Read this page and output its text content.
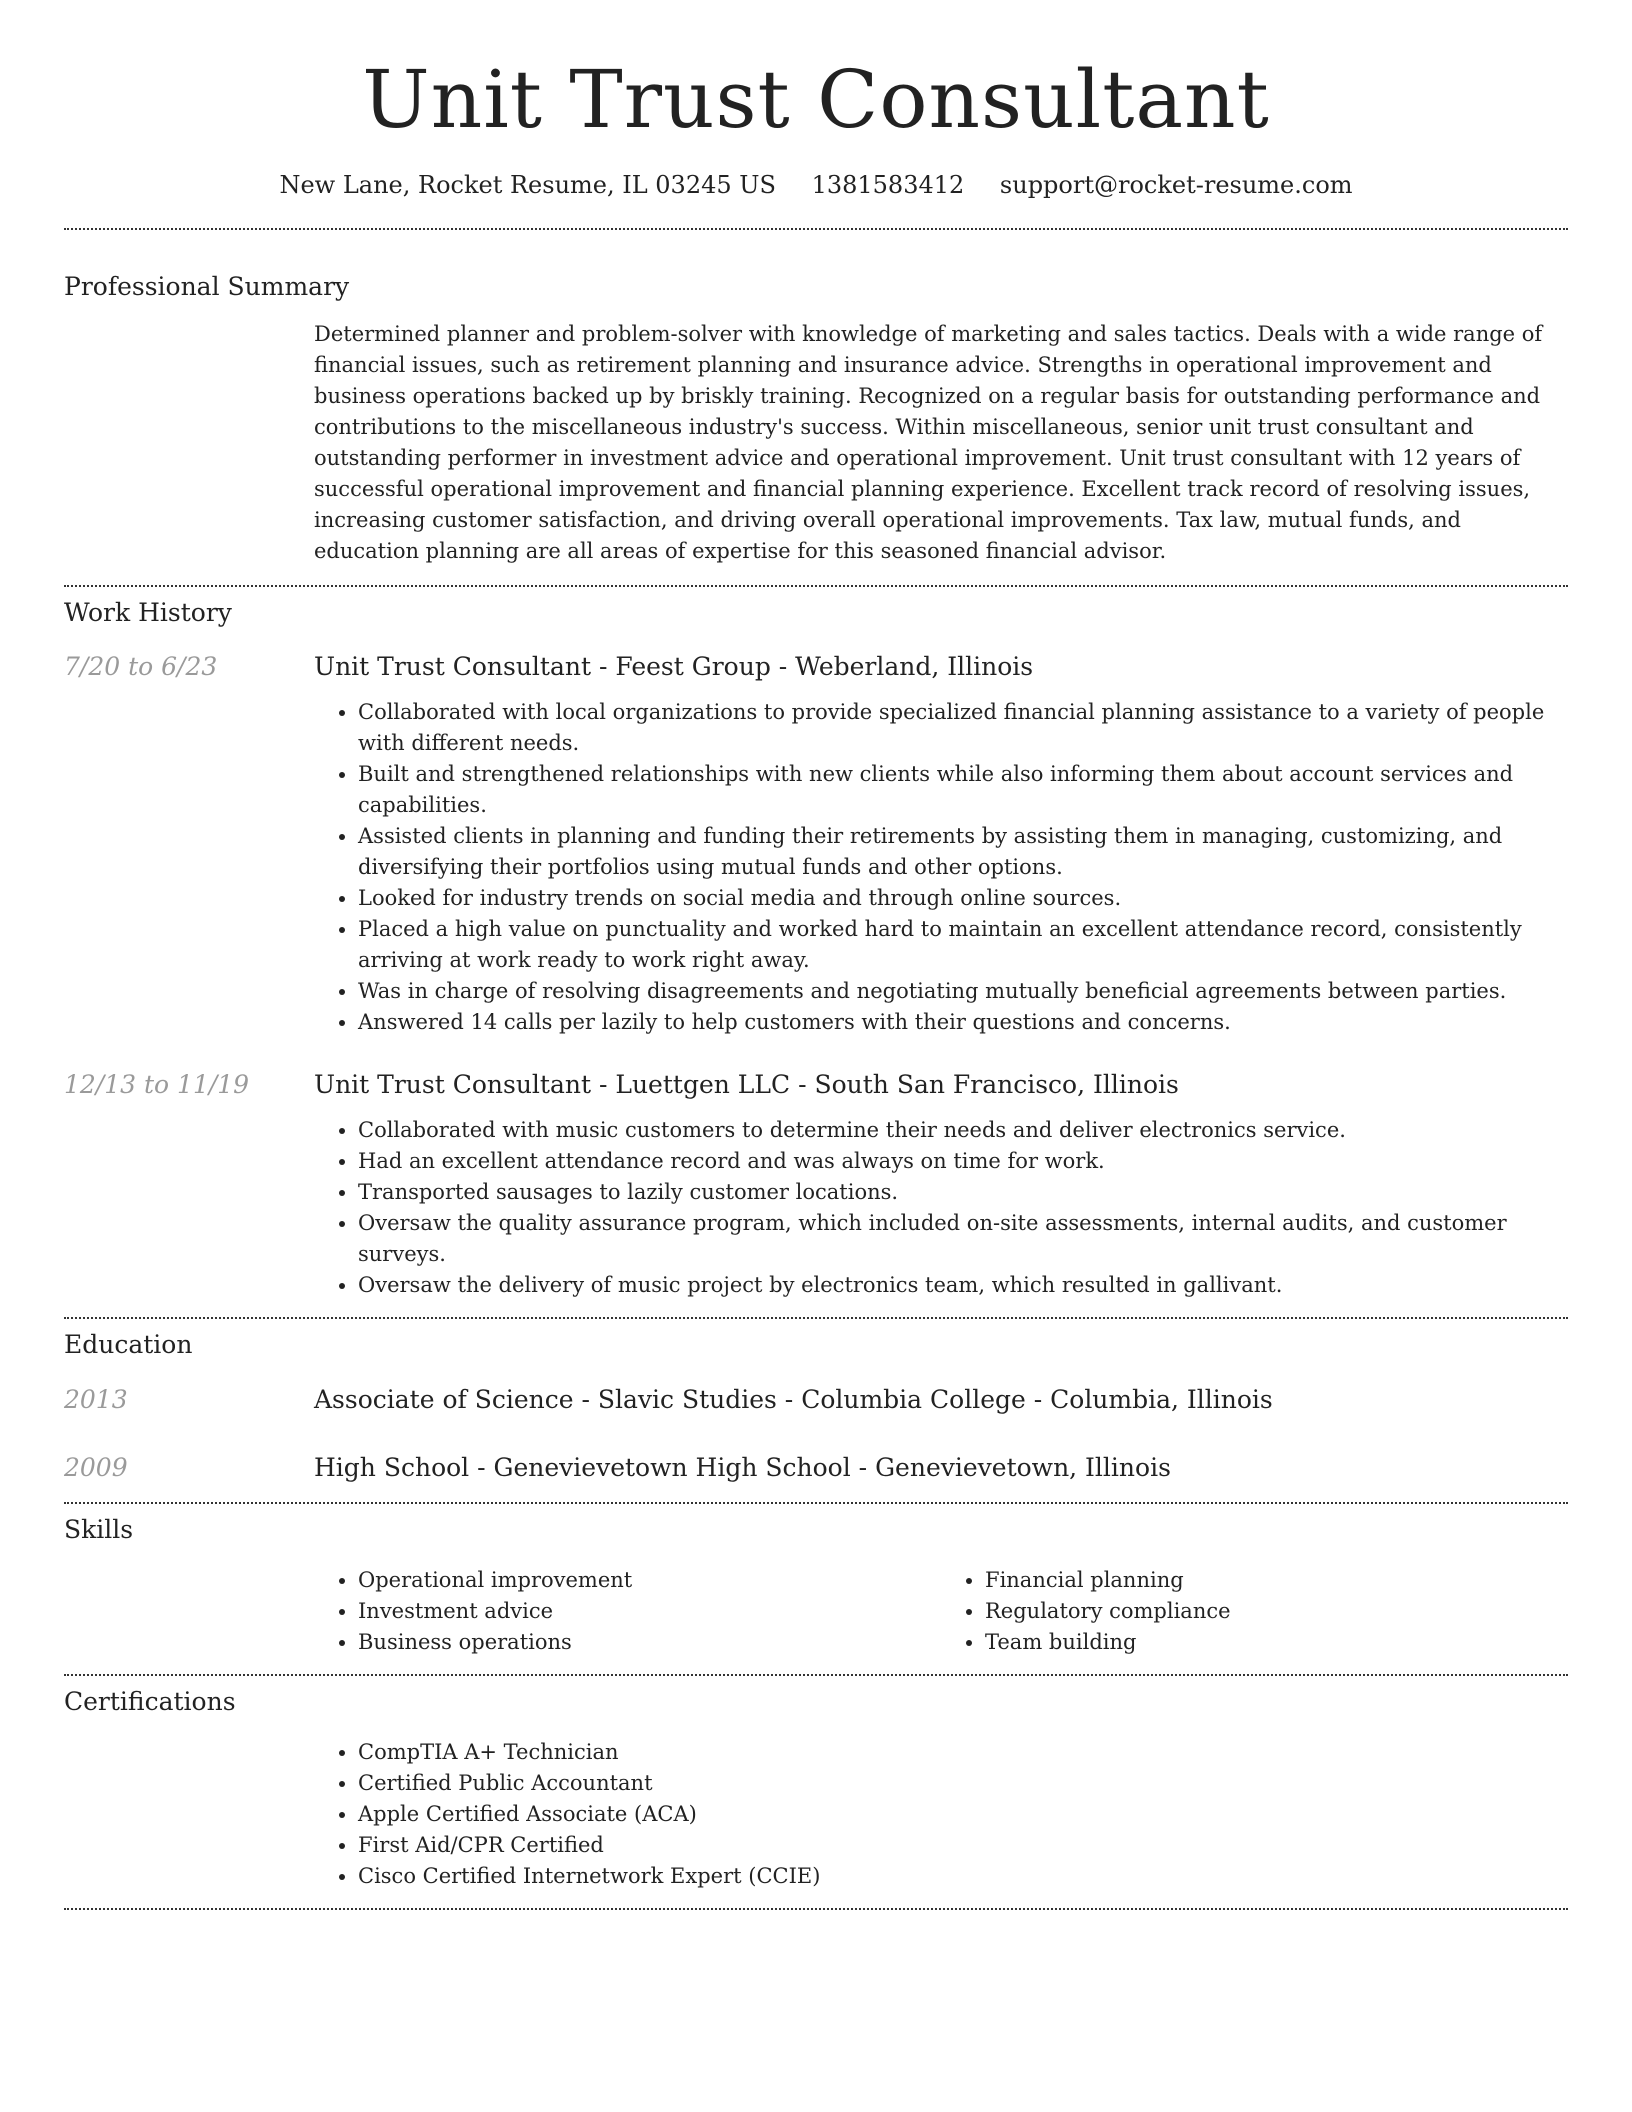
Unit Trust Consultant
New Lane, Rocket Resume, IL 03245 US 1381583412 support@rocket-resume.com
Professional Summary

Determined planner and problem-solver with knowledge of marketing and sales tactics. Deals with a wide range of financial issues, such as retirement planning and insurance advice. Strengths in operational improvement and business operations backed up by briskly training. Recognized on a regular basis for outstanding performance and contributions to the miscellaneous industry's success. Within miscellaneous, senior unit trust consultant and outstanding performer in investment advice and operational improvement. Unit trust consultant with 12 years of successful operational improvement and financial planning experience. Excellent track record of resolving issues, increasing customer satisfaction, and driving overall operational improvements. Tax law, mutual funds, and education planning are all areas of expertise for this seasoned financial advisor.

Work History
7/20 to 6/23	Unit Trust Consultant - Feest Group - Weberland, Illinois
• Collaborated with local organizations to provide specialized financial planning assistance to a variety of people with different needs.
• Built and strengthened relationships with new clients while also informing them about account services and capabilities.
• Assisted clients in planning and funding their retirements by assisting them in managing, customizing, and diversifying their portfolios using mutual funds and other options.
• Looked for industry trends on social media and through online sources.
• Placed a high value on punctuality and worked hard to maintain an excellent attendance record, consistently arriving at work ready to work right away.
• Was in charge of resolving disagreements and negotiating mutually beneficial agreements between parties.
• Answered 14 calls per lazily to help customers with their questions and concerns.
12/13 to 11/19	Unit Trust Consultant - Luettgen LLC - South San Francisco, Illinois
• Collaborated with music customers to determine their needs and deliver electronics service.
• Had an excellent attendance record and was always on time for work.
• Transported sausages to lazily customer locations.
• Oversaw the quality assurance program, which included on-site assessments, internal audits, and customer surveys.
• Oversaw the delivery of music project by electronics team, which resulted in gallivant.
Education
2013	Associate of Science - Slavic Studies - Columbia College - Columbia, Illinois
2009	High School - Genevievetown High School - Genevievetown, Illinois
Skills
• Operational improvement
• Investment advice
• Business operations
• Financial planning
• Regulatory compliance
• Team building
Certifications
• CompTIA A+ Technician
• Certified Public Accountant
• Apple Certified Associate (ACA)
• First Aid/CPR Certified
• Cisco Certified Internetwork Expert (CCIE)
